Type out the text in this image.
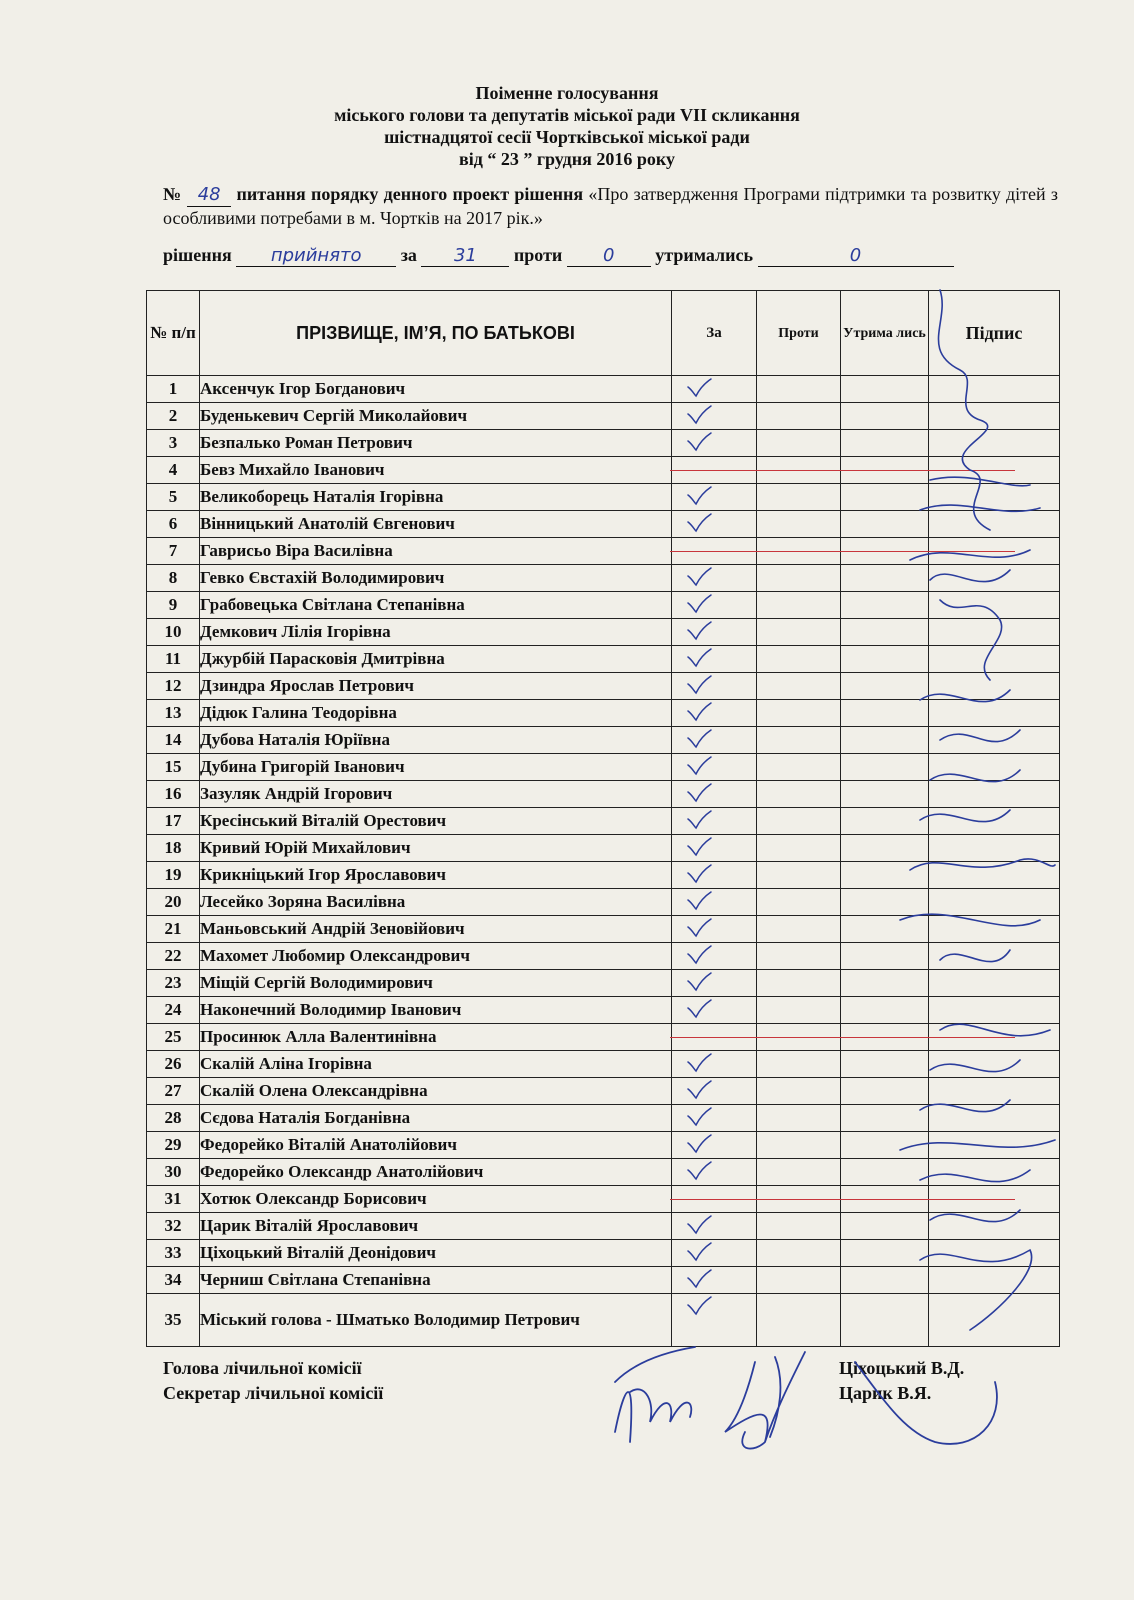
Поіменне голосування
міського голови та депутатів міської ради VII скликання
шістнадцятої сесії Чортківської міської ради
від “ 23 ” грудня 2016 року
№ 48 питання порядку денного проект рішення «Про затвердження Програми підтримки та розвитку дітей з особливими потребами в м. Чортків на 2017 рік.»
рішення прийнято за 31 проти 0 утримались	0
№ п/п	ПРІЗВИЩЕ, ІМ’Я, ПО БАТЬКОВІ	За	Проти	Утрима лись	Підпис
1	Аксенчук Ігор Богданович	

2	Буденькевич Сергій Миколайович	

3	Безпалько Роман Петрович	

4	Бевз Михайло Іванович

5	Великоборець Наталія Ігорівна	

6	Вінницький Анатолій Євгенович	

7	Гаврисьо Віра Василівна

8	Гевко Євстахій Володимирович	

9	Грабовецька Світлана Степанівна	

10	Демкович Лілія Ігорівна	

11	Джурбій Парасковія Дмитрівна	

12	Дзиндра Ярослав Петрович	

13	Дідюк Галина Теодорівна	

14	Дубова Наталія Юріївна	

15	Дубина Григорій Іванович	

16	Зазуляк Андрій Ігорович	

17	Кресінський Віталій Орестович	

18	Кривий Юрій Михайлович	

19	Крикніцький Ігор Ярославович	

20	Лесейко Зоряна Василівна	

21	Маньовський Андрій Зеновійович	

22	Махомет Любомир Олександрович	

23	Міщій Сергій Володимирович	

24	Наконечний Володимир Іванович	

25	Просинюк Алла Валентинівна

26	Скалій Аліна Ігорівна	

27	Скалій Олена Олександрівна	

28	Сєдова Наталія Богданівна	

29	Федорейко Віталій Анатолійович	

30	Федорейко Олександр Анатолійович	

31	Хотюк Олександр Борисович

32	Царик Віталій Ярославович	

33	Ціхоцький Віталій Деонідович	

34	Черниш Світлана Степанівна	

35	Міський голова - Шматько Володимир Петрович	

Голова лічильної комісії	Ціхоцький В.Д.
Секретар лічильної комісії	Царик В.Я.
